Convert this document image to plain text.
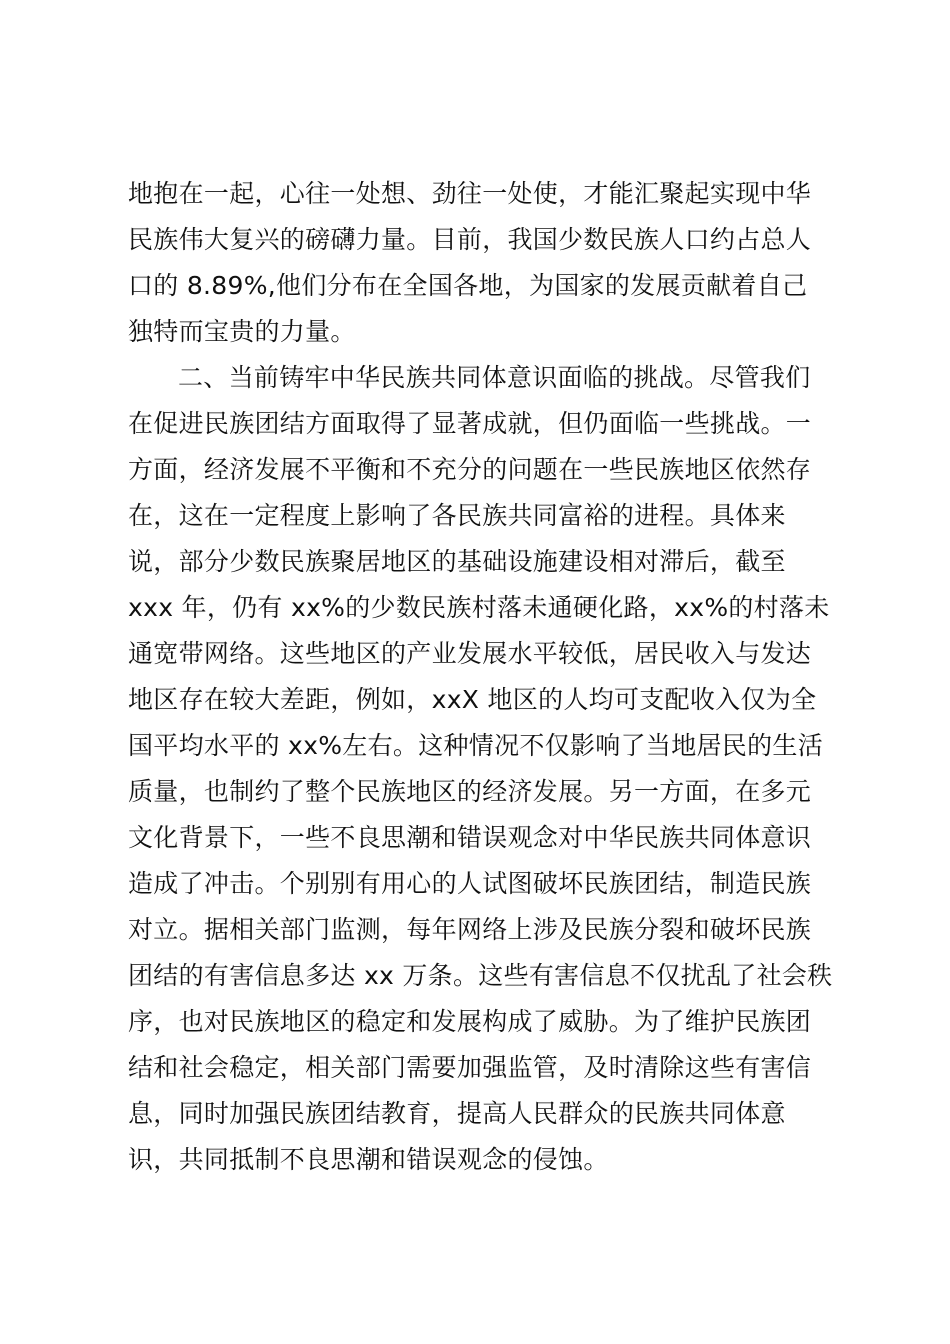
地抱在一起，心往一处想、劲往一处使，才能汇聚起实现中华
民族伟大复兴的磅礴力量。目前，我国少数民族人口约占总人
口的 8.89%,他们分布在全国各地，为国家的发展贡献着自己
独特而宝贵的力量。
二、当前铸牢中华民族共同体意识面临的挑战。尽管我们
在促进民族团结方面取得了显著成就，但仍面临一些挑战。一
方面，经济发展不平衡和不充分的问题在一些民族地区依然存
在，这在一定程度上影响了各民族共同富裕的进程。具体来
说，部分少数民族聚居地区的基础设施建设相对滞后，截至
xxx 年，仍有 xx%的少数民族村落未通硬化路，xx%的村落未
通宽带网络。这些地区的产业发展水平较低，居民收入与发达
地区存在较大差距，例如，xxX 地区的人均可支配收入仅为全
国平均水平的 xx%左右。这种情况不仅影响了当地居民的生活
质量，也制约了整个民族地区的经济发展。另一方面，在多元
文化背景下，一些不良思潮和错误观念对中华民族共同体意识
造成了冲击。个别别有用心的人试图破坏民族团结，制造民族
对立。据相关部门监测，每年网络上涉及民族分裂和破坏民族
团结的有害信息多达 xx 万条。这些有害信息不仅扰乱了社会秩
序，也对民族地区的稳定和发展构成了威胁。为了维护民族团
结和社会稳定，相关部门需要加强监管，及时清除这些有害信
息，同时加强民族团结教育，提高人民群众的民族共同体意
识，共同抵制不良思潮和错误观念的侵蚀。
